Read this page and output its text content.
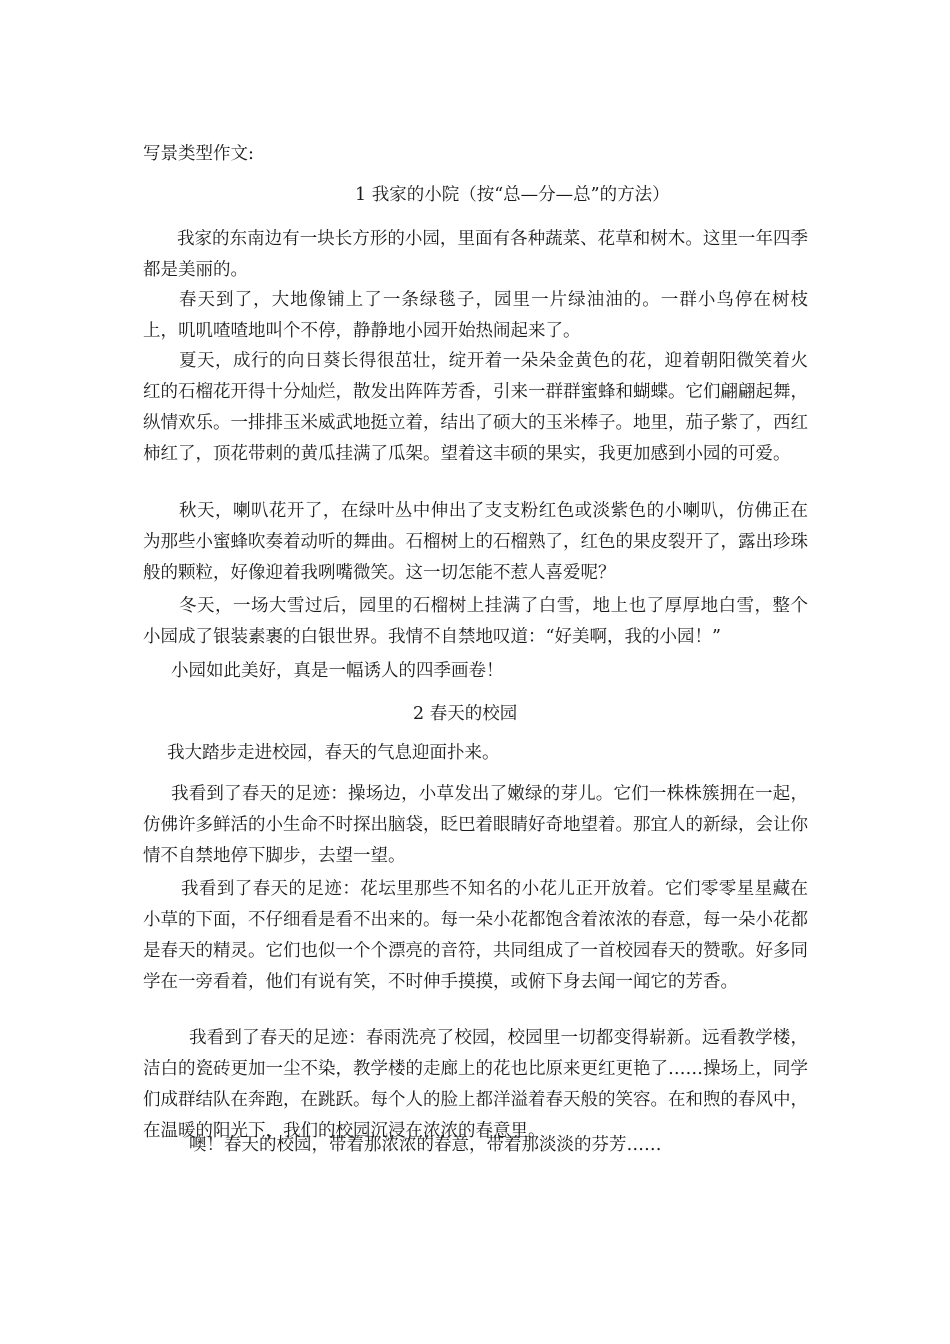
写景类型作文:
1 我家的小院（按“总—分—总”的方法）
我家的东南边有一块长方形的小园，里面有各种蔬菜、花草和树木。这里一年四季都是美丽的。
春天到了，大地像铺上了一条绿毯子，园里一片绿油油的。一群小鸟停在树枝上，叽叽喳喳地叫个不停，静静地小园开始热闹起来了。
夏天，成行的向日葵长得很茁壮，绽开着一朵朵金黄色的花，迎着朝阳微笑着火红的石榴花开得十分灿烂，散发出阵阵芳香，引来一群群蜜蜂和蝴蝶。它们翩翩起舞，纵情欢乐。一排排玉米威武地挺立着，结出了硕大的玉米棒子。地里，茄子紫了，西红柿红了，顶花带刺的黄瓜挂满了瓜架。望着这丰硕的果实，我更加感到小园的可爱。
秋天，喇叭花开了，在绿叶丛中伸出了支支粉红色或淡紫色的小喇叭，仿佛正在为那些小蜜蜂吹奏着动听的舞曲。石榴树上的石榴熟了，红色的果皮裂开了，露出珍珠般的颗粒，好像迎着我咧嘴微笑。这一切怎能不惹人喜爱呢？
冬天，一场大雪过后，园里的石榴树上挂满了白雪，地上也了厚厚地白雪，整个小园成了银装素裹的白银世界。我情不自禁地叹道：“好美啊，我的小园！”
小园如此美好，真是一幅诱人的四季画卷！
2 春天的校园
我大踏步走进校园，春天的气息迎面扑来。
我看到了春天的足迹：操场边，小草发出了嫩绿的芽儿。它们一株株簇拥在一起，仿佛许多鲜活的小生命不时探出脑袋，眨巴着眼睛好奇地望着。那宜人的新绿，会让你情不自禁地停下脚步，去望一望。
我看到了春天的足迹：花坛里那些不知名的小花儿正开放着。它们零零星星藏在小草的下面，不仔细看是看不出来的。每一朵小花都饱含着浓浓的春意，每一朵小花都是春天的精灵。它们也似一个个漂亮的音符，共同组成了一首校园春天的赞歌。好多同学在一旁看着，他们有说有笑，不时伸手摸摸，或俯下身去闻一闻它的芳香。
我看到了春天的足迹：春雨洗亮了校园，校园里一切都变得崭新。远看教学楼，洁白的瓷砖更加一尘不染，教学楼的走廊上的花也比原来更红更艳了……操场上，同学们成群结队在奔跑，在跳跃。每个人的脸上都洋溢着春天般的笑容。在和煦的春风中，在温暖的阳光下，我们的校园沉浸在浓浓的春意里。
噢！春天的校园，带着那浓浓的春意，带着那淡淡的芬芳……
